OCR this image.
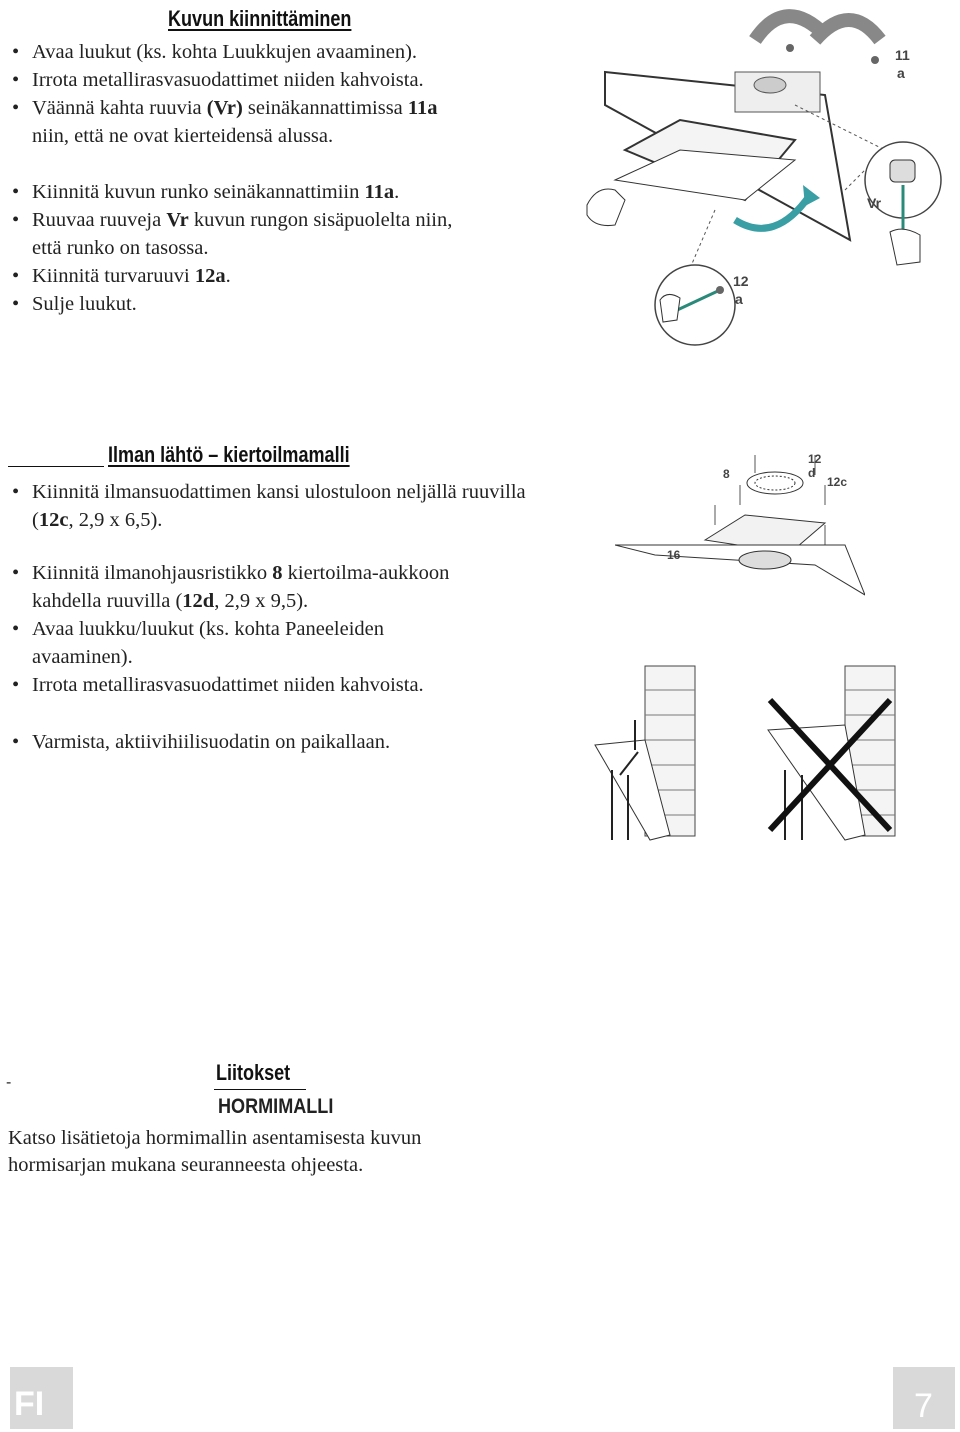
Kuvun kiinnittäminen
• Avaa luukut (ks. kohta Luukkujen avaaminen).
• Irrota metallirasvasuodattimet niiden kahvoista.
• Väännä kahta ruuvia (Vr) seinäkannattimissa 11a
niin, että ne ovat kierteidensä alussa.
• Kiinnitä kuvun runko seinäkannattimiin 11a.
• Ruuvaa ruuveja Vr kuvun rungon sisäpuolelta niin,
että runko on tasossa.
• Kiinnitä turvaruuvi 12a.
• Sulje luukut.
11
a
Vr
12
a
Ilman lähtö – kiertoilmamalli
• Kiinnitä ilmansuodattimen kansi ulostuloon neljällä ruuvilla
(12c, 2,9 x 6,5).
• Kiinnitä ilmanohjausristikko 8 kiertoilma-aukkoon
kahdella ruuvilla (12d, 2,9 x 9,5).
• Avaa luukku/luukut (ks. kohta Paneeleiden
avaaminen).
• Irrota metallirasvasuodattimet niiden kahvoista.
• Varmista, aktiivihiilisuodatin on paikallaan.
8
12
d
12c
16
-	Liitokset
HORMIMALLI
Katso lisätietoja hormimallin asentamisesta kuvun
hormisarjan mukana seuranneesta ohjeesta.
FI	7
